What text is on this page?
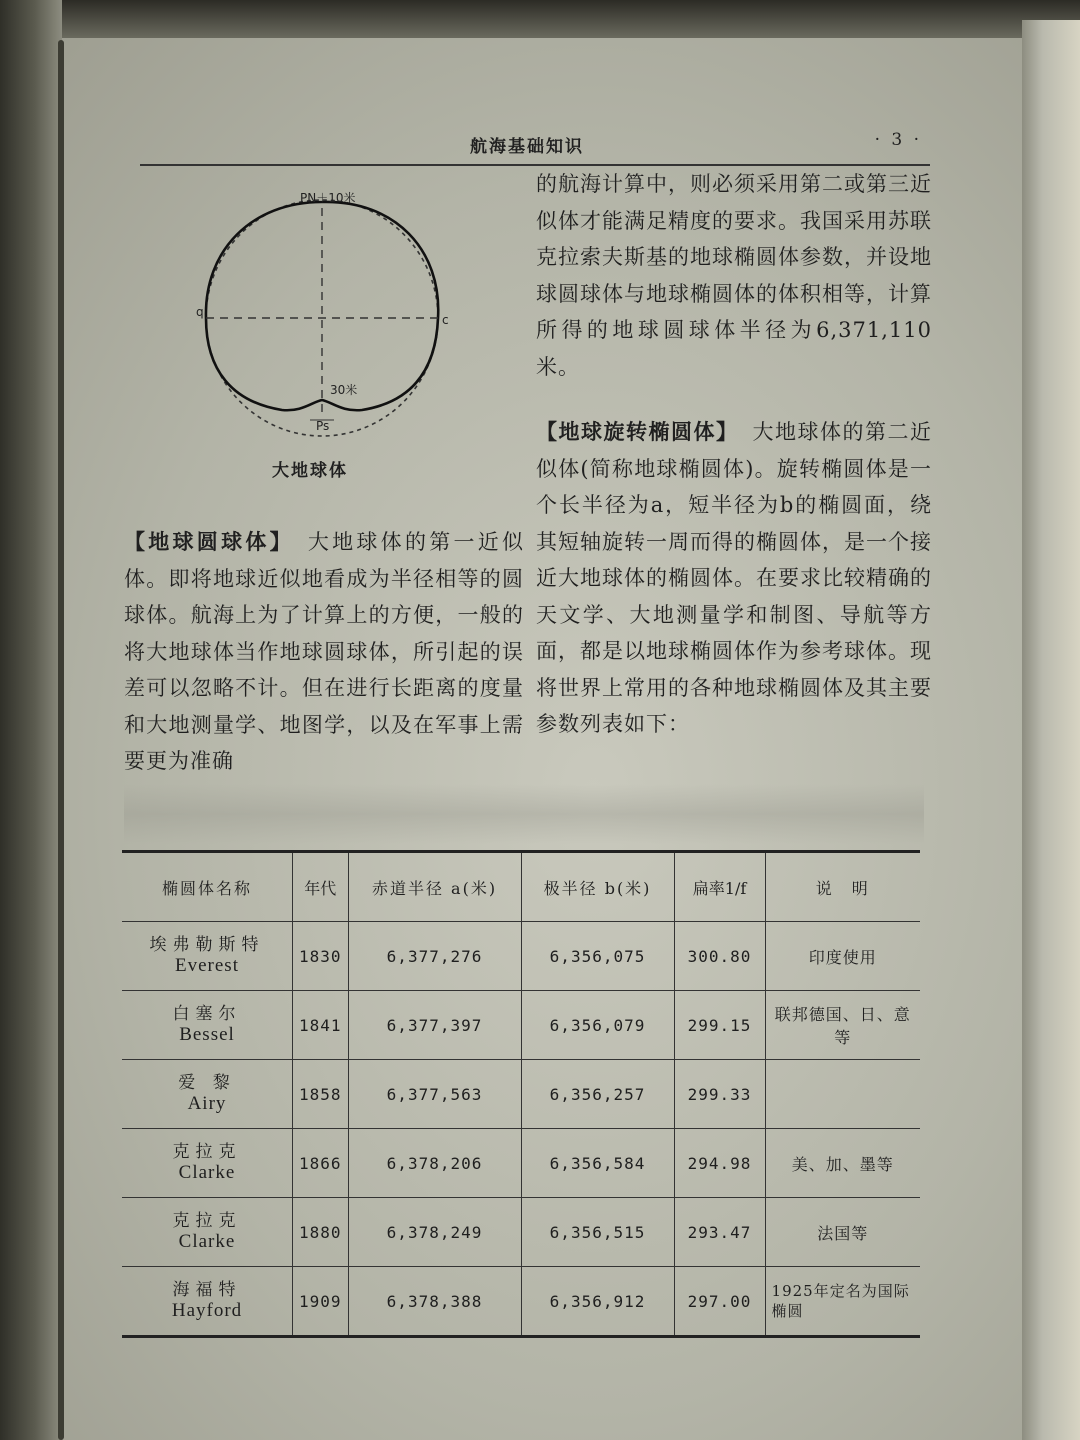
航海基础知识	· 3 ·
PN＋10米
q
c
30米
Ps
大地球体
【地球圆球体】 大地球体的第一近似体。即将地球近似地看成为半径相等的圆球体。航海上为了计算上的方便，一般的将大地球体当作地球圆球体，所引起的误差可以忽略不计。但在进行长距离的度量和大地测量学、地图学，以及在军事上需要更为准确
的航海计算中，则必须采用第二或第三近似体才能满足精度的要求。我国采用苏联克拉索夫斯基的地球椭圆体参数，并设地球圆球体与地球椭圆体的体积相等，计算所得的地球圆球体半径为6,371,110米。
【地球旋转椭圆体】 大地球体的第二近似体(简称地球椭圆体)。旋转椭圆体是一个长半径为a，短半径为b的椭圆面，绕其短轴旋转一周而得的椭圆体，是一个接近大地球体的椭圆体。在要求比较精确的天文学、大地测量学和制图、导航等方面，都是以地球椭圆体作为参考球体。现将世界上常用的各种地球椭圆体及其主要参数列表如下：
椭圆体名称	年代	赤道半径 a(米)	极半径 b(米)	扁率1/f	说　明

埃弗勒斯特
Everest	1830	6,377,276	6,356,075	300.80	印度使用

白塞尔
Bessel	1841	6,377,397	6,356,079	299.15	联邦德国、日、意等

爱 黎
Airy	1858	6,377,563	6,356,257	299.33	

克拉克
Clarke	1866	6,378,206	6,356,584	294.98	美、加、墨等

克拉克
Clarke	1880	6,378,249	6,356,515	293.47	法国等

海福特
Hayford	1909	6,378,388	6,356,912	297.00	1925年定名为国际椭圆
